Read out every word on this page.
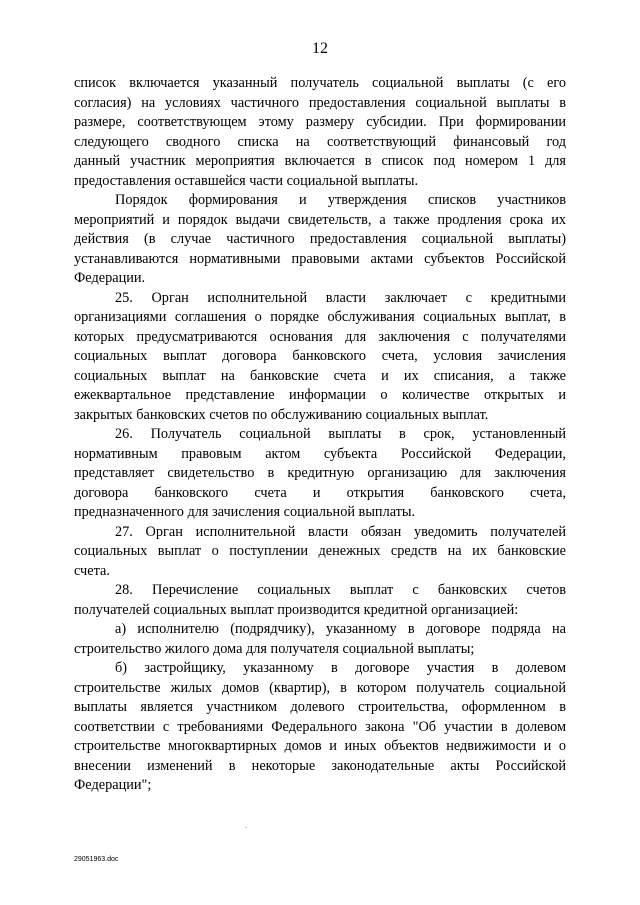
12
список включается указанный получатель социальной выплаты (с его
согласия) на условиях частичного предоставления социальной выплаты в
размере, соответствующем этому размеру субсидии. При формировании
следующего сводного списка на соответствующий финансовый год
данный участник мероприятия включается в список под номером 1 для
предоставления оставшейся части социальной выплаты.
Порядок формирования и утверждения списков участников
мероприятий и порядок выдачи свидетельств, а также продления срока их
действия (в случае частичного предоставления социальной выплаты)
устанавливаются нормативными правовыми актами субъектов Российской
Федерации.
25. Орган исполнительной власти заключает с кредитными
организациями соглашения о порядке обслуживания социальных выплат, в
которых предусматриваются основания для заключения с получателями
социальных выплат договора банковского счета, условия зачисления
социальных выплат на банковские счета и их списания, а также
ежеквартальное представление информации о количестве открытых и
закрытых банковских счетов по обслуживанию социальных выплат.
26. Получатель социальной выплаты в срок, установленный
нормативным правовым актом субъекта Российской Федерации,
представляет свидетельство в кредитную организацию для заключения
договора банковского счета и открытия банковского счета,
предназначенного для зачисления социальной выплаты.
27. Орган исполнительной власти обязан уведомить получателей
социальных выплат о поступлении денежных средств на их банковские
счета.
28. Перечисление социальных выплат с банковских счетов
получателей социальных выплат производится кредитной организацией:
а) исполнителю (подрядчику), указанному в договоре подряда на
строительство жилого дома для получателя социальной выплаты;
б) застройщику, указанному в договоре участия в долевом
строительстве жилых домов (квартир), в котором получатель социальной
выплаты является участником долевого строительства, оформленном в
соответствии с требованиями Федерального закона "Об участии в долевом
строительстве многоквартирных домов и иных объектов недвижимости и о
внесении изменений в некоторые законодательные акты Российской
Федерации";
29051963.doc
